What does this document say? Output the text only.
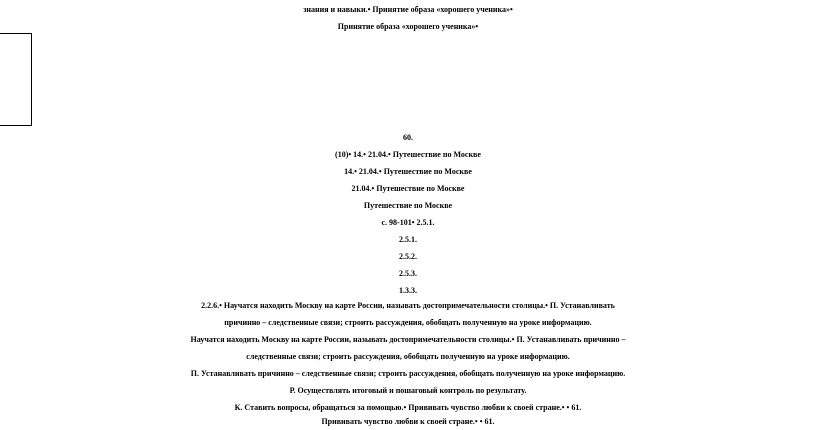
знания и навыки.• Принятие образа «хорошего ученика»•
Принятие образа «хорошего ученика»•
60.
(10)• 14.• 21.04.• Путешествие по Москве
14.• 21.04.• Путешествие по Москве
21.04.• Путешествие по Москве
Путешествие по Москве
с. 98-101• 2.5.1.
2.5.1.
2.5.2.
2.5.3.
1.3.3.
2.2.6.• Научатся находить Москву на карте России, называть достопримечательности столицы.• П. Устанавливать
причинно – следственные связи; строить рассуждения, обобщать полученную на уроке информацию.
Научатся находить Москву на карте России, называть достопримечательности столицы.• П. Устанавливать причинно –
следственные связи; строить рассуждения, обобщать полученную на уроке информацию.
П. Устанавливать причинно – следственные связи; строить рассуждения, обобщать полученную на уроке информацию.
Р. Осуществлять итоговый и пошаговый контроль по результату.
К. Ставить вопросы, обращаться за помощью.• Прививать чувство любви к своей стране.• • 61.
Прививать чувство любви к своей стране.• • 61.
